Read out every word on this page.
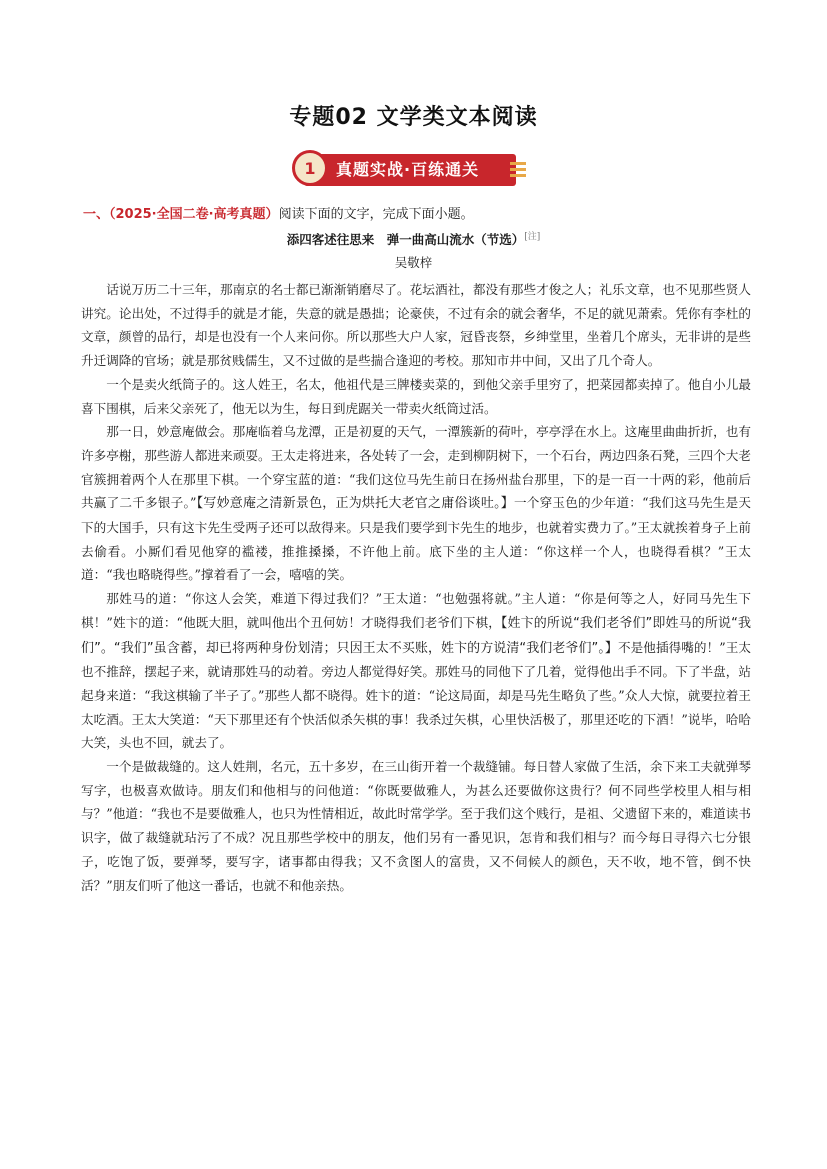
专题02 文学类文本阅读
1	真题实战·百练通关
一、（2025·全国二卷·高考真题）阅读下面的文字，完成下面小题。
添四客述往思来　弹一曲高山流水（节选）[注]
吴敬梓

话说万历二十三年，那南京的名士都已渐渐销磨尽了。花坛酒社，都没有那些才俊之人；礼乐文章，也不见那些贤人讲究。论出处，不过得手的就是才能，失意的就是愚拙；论豪侠，不过有余的就会奢华，不足的就见萧索。凭你有李杜的文章，颜曾的品行，却是也没有一个人来问你。所以那些大户人家，冠昏丧祭，乡绅堂里，坐着几个席头，无非讲的是些升迁调降的官场；就是那贫贱儒生，又不过做的是些揣合逢迎的考校。那知市井中间，又出了几个奇人。

一个是卖火纸筒子的。这人姓王，名太，他祖代是三牌楼卖菜的，到他父亲手里穷了，把菜园都卖掉了。他自小儿最喜下围棋，后来父亲死了，他无以为生，每日到虎踞关一带卖火纸筒过活。

那一日，妙意庵做会。那庵临着乌龙潭，正是初夏的天气，一潭簇新的荷叶，亭亭浮在水上。这庵里曲曲折折，也有许多亭榭，那些游人都进来顽耍。王太走将进来，各处转了一会，走到柳阴树下，一个石台，两边四条石凳，三四个大老官簇拥着两个人在那里下棋。一个穿宝蓝的道：“我们这位马先生前日在扬州盐台那里，下的是一百一十两的彩，他前后共赢了二千多银子。”【写妙意庵之清新景色，正为烘托大老官之庸俗谈吐。】一个穿玉色的少年道：“我们这马先生是天下的大国手，只有这卞先生受两子还可以敌得来。只是我们要学到卞先生的地步，也就着实费力了。”王太就挨着身子上前去偷看。小厮们看见他穿的褴褛，推推搡搡，不许他上前。底下坐的主人道：“你这样一个人，也晓得看棋？”王太道：“我也略晓得些。”撑着看了一会，嘻嘻的笑。

那姓马的道：“你这人会笑，难道下得过我们？”王太道：“也勉强将就。”主人道：“你是何等之人，好同马先生下棋！”姓卞的道：“他既大胆，就叫他出个丑何妨！才晓得我们老爷们下棋，【姓卞的所说“我们老爷们”即姓马的所说“我们”。“我们”虽含蓄，却已将两种身份划清；只因王太不买账，姓卞的方说清“我们老爷们”。】不是他插得嘴的！”王太也不推辞，摆起子来，就请那姓马的动着。旁边人都觉得好笑。那姓马的同他下了几着，觉得他出手不同。下了半盘，站起身来道：“我这棋输了半子了。”那些人都不晓得。姓卞的道：“论这局面，却是马先生略负了些。”众人大惊，就要拉着王太吃酒。王太大笑道：“天下那里还有个快活似杀矢棋的事！我杀过矢棋，心里快活极了，那里还吃的下酒！”说毕，哈哈大笑，头也不回，就去了。

一个是做裁缝的。这人姓荆，名元，五十多岁，在三山街开着一个裁缝铺。每日替人家做了生活，余下来工夫就弹琴写字，也极喜欢做诗。朋友们和他相与的问他道：“你既要做雅人，为甚么还要做你这贵行？何不同些学校里人相与相与？”他道：“我也不是要做雅人，也只为性情相近，故此时常学学。至于我们这个贱行，是祖、父遗留下来的，难道读书识字，做了裁缝就玷污了不成？况且那些学校中的朋友，他们另有一番见识，怎肯和我们相与？而今每日寻得六七分银子，吃饱了饭，要弹琴，要写字，诸事都由得我；又不贪图人的富贵，又不伺候人的颜色，天不收，地不管，倒不快活？”朋友们听了他这一番话，也就不和他亲热。
